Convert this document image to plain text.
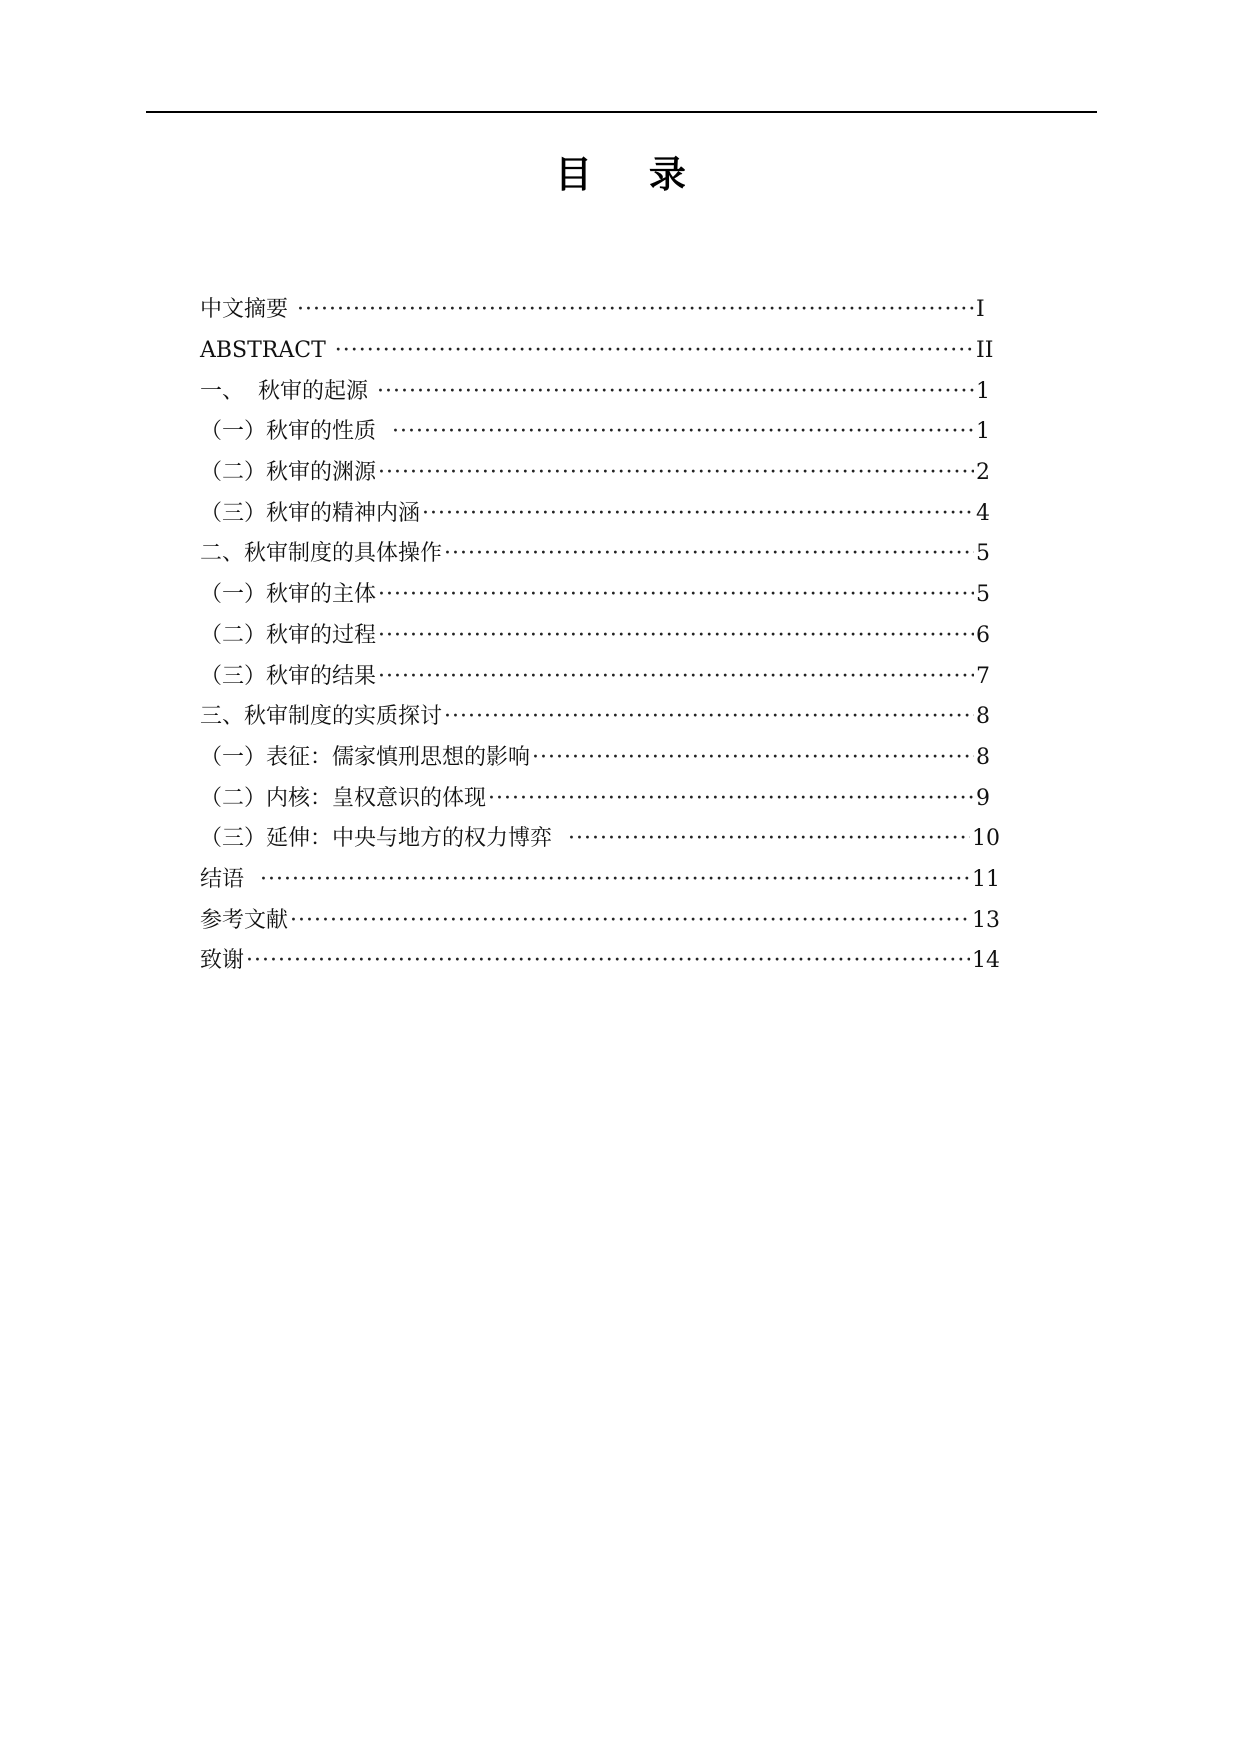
目 录
中文摘要 ·····	I
ABSTRACT ·····	II
一、  秋审的起源 ·····	1
（一）秋审的性质 ·····	1
（二）秋审的渊源 ·····	2
（三）秋审的精神内涵 ·····	4
二、秋审制度的具体操作 ·····	5
（一）秋审的主体 ·····	5
（二）秋审的过程 ·····	6
（三）秋审的结果 ·····	7
三、秋审制度的实质探讨 ·····	8
（一）表征：儒家慎刑思想的影响 ·····	8
（二）内核：皇权意识的体现 ·····	9
（三）延伸：中央与地方的权力博弈 ·····	10
结语 ·····	11
参考文献 ·····	13
致谢 ·····	14
